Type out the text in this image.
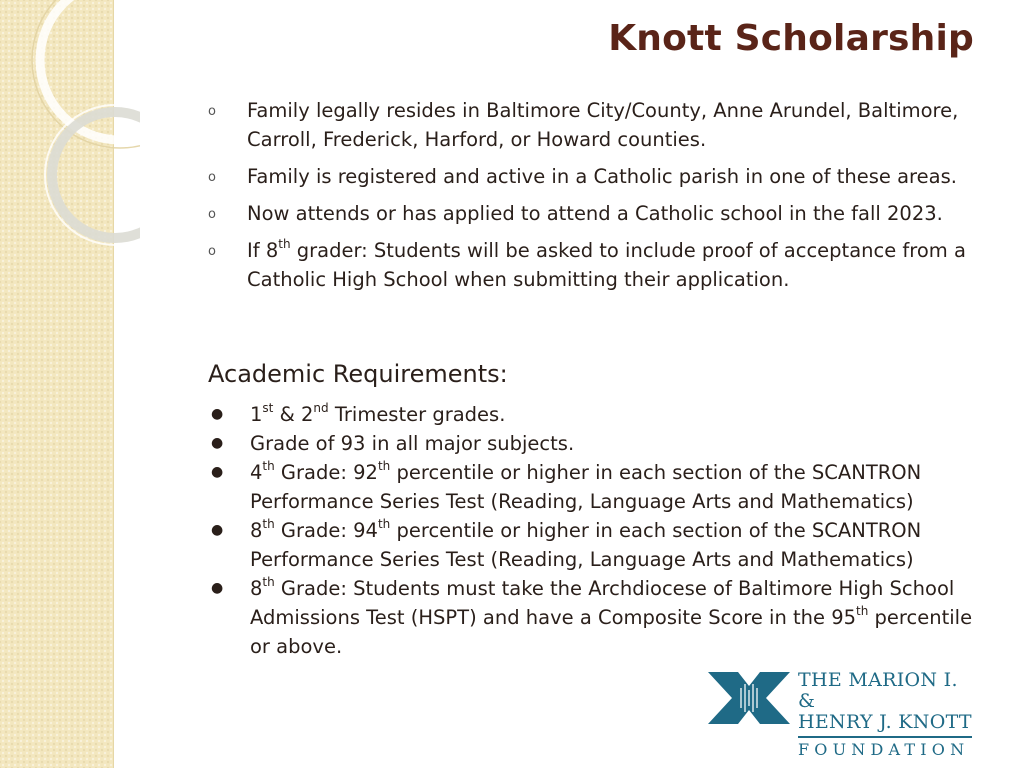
Knott Scholarship
o Family legally resides in Baltimore City/County, Anne Arundel, Baltimore, Carroll, Frederick, Harford, or Howard counties.
o Family is registered and active in a Catholic parish in one of these areas.
o Now attends or has applied to attend a Catholic school in the fall 2023.
o If 8th grader: Students will be asked to include proof of acceptance from a Catholic High School when submitting their application.
Academic Requirements:
● 1st & 2nd Trimester grades.
● Grade of 93 in all major subjects.
● 4th Grade: 92th percentile or higher in each section of the SCANTRON Performance Series Test (Reading, Language Arts and Mathematics)
● 8th Grade: 94th percentile or higher in each section of the SCANTRON Performance Series Test (Reading, Language Arts and Mathematics)
● 8th Grade: Students must take the Archdiocese of Baltimore High School Admissions Test (HSPT) and have a Composite Score in the 95th percentile or above.
THE MARION I. &
HENRY J. KNOTT
FOUNDATION
